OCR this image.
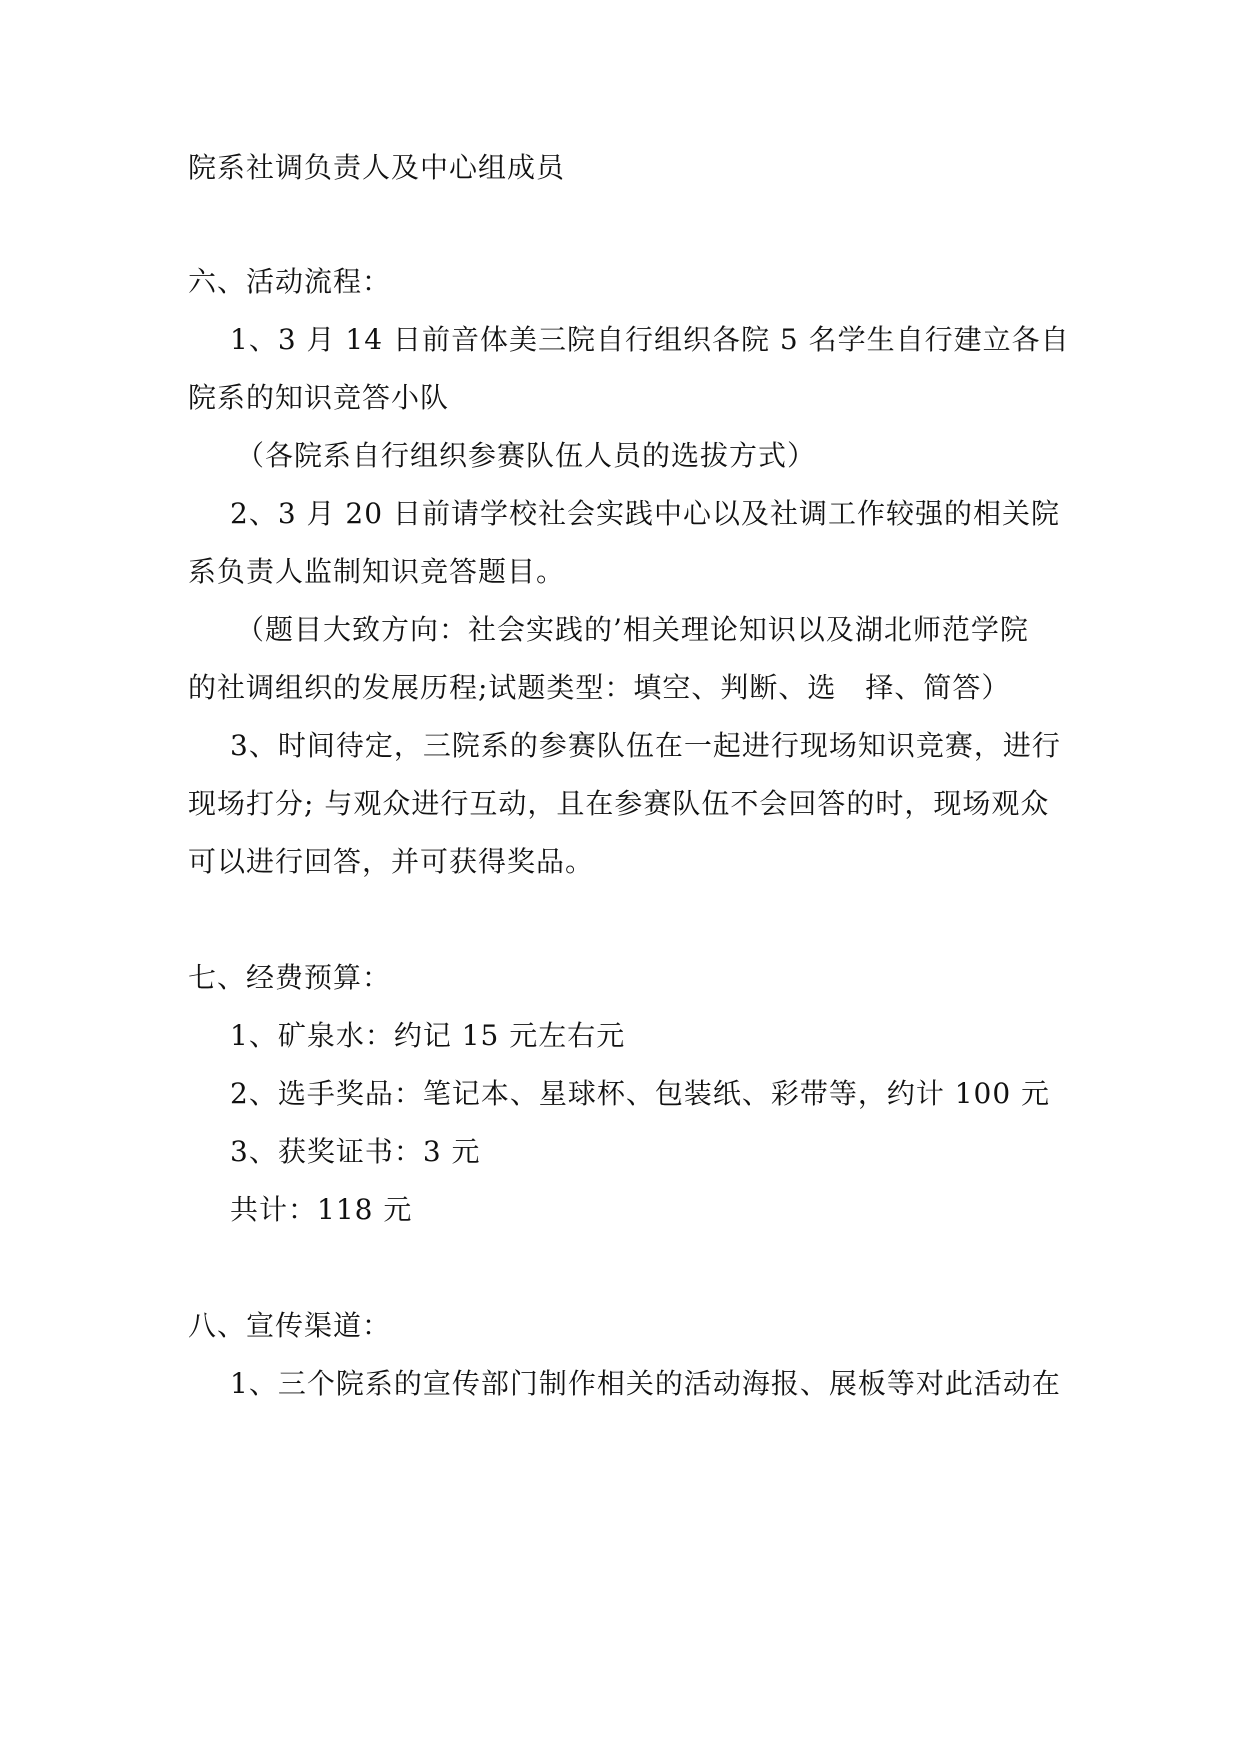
院系社调负责人及中心组成员
六、活动流程：
1、3 月 14 日前音体美三院自行组织各院 5 名学生自行建立各自
院系的知识竞答小队
（各院系自行组织参赛队伍人员的选拔方式）
2、3 月 20 日前请学校社会实践中心以及社调工作较强的相关院
系负责人监制知识竞答题目。
（题目大致方向：社会实践的’相关理论知识以及湖北师范学院
的社调组织的发展历程;试题类型：填空、判断、选　择、简答）
3、时间待定，三院系的参赛队伍在一起进行现场知识竞赛，进行
现场打分; 与观众进行互动，且在参赛队伍不会回答的时，现场观众
可以进行回答，并可获得奖品。
七、经费预算：
1、矿泉水：约记 15 元左右元
2、选手奖品：笔记本、星球杯、包装纸、彩带等，约计 100 元
3、获奖证书：3 元
共计：118 元
八、宣传渠道：
1、三个院系的宣传部门制作相关的活动海报、展板等对此活动在
